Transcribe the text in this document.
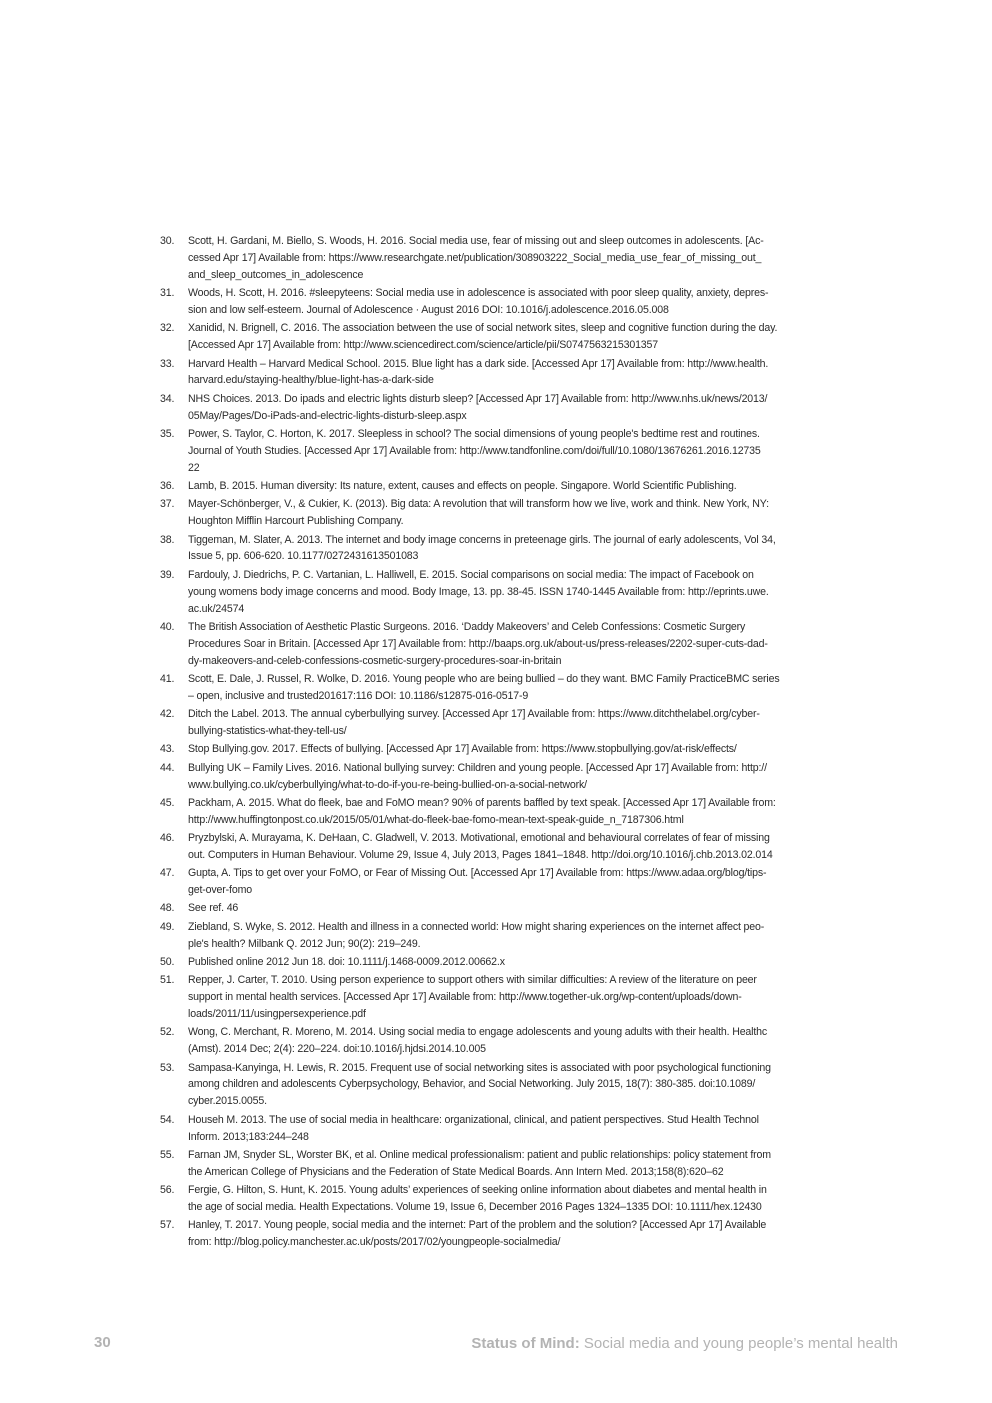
30.	Scott, H. Gardani, M. Biello, S. Woods, H. 2016. Social media use, fear of missing out and sleep outcomes in adolescents. [Ac-
cessed Apr 17] Available from: https://www.researchgate.net/publication/308903222_Social_media_use_fear_of_missing_out_
and_sleep_outcomes_in_adolescence
31.	Woods, H. Scott, H. 2016. #sleepyteens: Social media use in adolescence is associated with poor sleep quality, anxiety, depres-
sion and low self-esteem. Journal of Adolescence · August 2016 DOI: 10.1016/j.adolescence.2016.05.008
32.	Xanidid, N. Brignell, C. 2016. The association between the use of social network sites, sleep and cognitive function during the day.
[Accessed Apr 17] Available from: http://www.sciencedirect.com/science/article/pii/S0747563215301357
33.	Harvard Health – Harvard Medical School. 2015. Blue light has a dark side. [Accessed Apr 17] Available from: http://www.health.
harvard.edu/staying-healthy/blue-light-has-a-dark-side
34.	NHS Choices. 2013. Do ipads and electric lights disturb sleep? [Accessed Apr 17] Available from: http://www.nhs.uk/news/2013/
05May/Pages/Do-iPads-and-electric-lights-disturb-sleep.aspx
35.	Power, S. Taylor, C. Horton, K. 2017. Sleepless in school? The social dimensions of young people's bedtime rest and routines.
Journal of Youth Studies. [Accessed Apr 17] Available from: http://www.tandfonline.com/doi/full/10.1080/13676261.2016.12735
22
36.	Lamb, B. 2015. Human diversity: Its nature, extent, causes and effects on people. Singapore. World Scientific Publishing.
37.	Mayer-Schönberger, V., & Cukier, K. (2013). Big data: A revolution that will transform how we live, work and think. New York, NY:
Houghton Mifflin Harcourt Publishing Company.
38.	Tiggeman, M. Slater, A. 2013. The internet and body image concerns in preteenage girls. The journal of early adolescents, Vol 34,
Issue 5, pp. 606-620. 10.1177/0272431613501083
39.	Fardouly, J. Diedrichs, P. C. Vartanian, L. Halliwell, E. 2015. Social comparisons on social media: The impact of Facebook on
young womens body image concerns and mood. Body Image, 13. pp. 38-45. ISSN 1740-1445 Available from: http://eprints.uwe.
ac.uk/24574
40.	The British Association of Aesthetic Plastic Surgeons. 2016. ‘Daddy Makeovers’ and Celeb Confessions: Cosmetic Surgery
Procedures Soar in Britain. [Accessed Apr 17] Available from: http://baaps.org.uk/about-us/press-releases/2202-super-cuts-dad-
dy-makeovers-and-celeb-confessions-cosmetic-surgery-procedures-soar-in-britain
41.	Scott, E. Dale, J. Russel, R. Wolke, D. 2016. Young people who are being bullied – do they want. BMC Family PracticeBMC series
– open, inclusive and trusted201617:116 DOI: 10.1186/s12875-016-0517-9
42.	Ditch the Label. 2013. The annual cyberbullying survey. [Accessed Apr 17] Available from: https://www.ditchthelabel.org/cyber-
bullying-statistics-what-they-tell-us/
43.	Stop Bullying.gov. 2017. Effects of bullying. [Accessed Apr 17] Available from: https://www.stopbullying.gov/at-risk/effects/
44.	Bullying UK – Family Lives. 2016. National bullying survey: Children and young people. [Accessed Apr 17] Available from: http://
www.bullying.co.uk/cyberbullying/what-to-do-if-you-re-being-bullied-on-a-social-network/
45.	Packham, A. 2015. What do fleek, bae and FoMO mean? 90% of parents baffled by text speak. [Accessed Apr 17] Available from:
http://www.huffingtonpost.co.uk/2015/05/01/what-do-fleek-bae-fomo-mean-text-speak-guide_n_7187306.html
46.	Pryzbylski, A. Murayama, K. DeHaan, C. Gladwell, V. 2013. Motivational, emotional and behavioural correlates of fear of missing
out. Computers in Human Behaviour. Volume 29, Issue 4, July 2013, Pages 1841–1848. http://doi.org/10.1016/j.chb.2013.02.014
47.	Gupta, A. Tips to get over your FoMO, or Fear of Missing Out. [Accessed Apr 17] Available from: https://www.adaa.org/blog/tips-
get-over-fomo
48.	See ref. 46
49.	Ziebland, S. Wyke, S. 2012. Health and illness in a connected world: How might sharing experiences on the internet affect peo-
ple's health? Milbank Q. 2012 Jun; 90(2): 219–249.
50.	Published online 2012 Jun 18. doi: 10.1111/j.1468-0009.2012.00662.x
51.	Repper, J. Carter, T. 2010. Using person experience to support others with similar difficulties: A review of the literature on peer
support in mental health services. [Accessed Apr 17] Available from: http://www.together-uk.org/wp-content/uploads/down-
loads/2011/11/usingpersexperience.pdf
52.	Wong, C. Merchant, R. Moreno, M. 2014. Using social media to engage adolescents and young adults with their health. Healthc
(Amst). 2014 Dec; 2(4): 220–224. doi:10.1016/j.hjdsi.2014.10.005
53.	Sampasa-Kanyinga, H. Lewis, R. 2015. Frequent use of social networking sites is associated with poor psychological functioning
among children and adolescents Cyberpsychology, Behavior, and Social Networking. July 2015, 18(7): 380-385. doi:10.1089/
cyber.2015.0055.
54.	Househ M. 2013. The use of social media in healthcare: organizational, clinical, and patient perspectives. Stud Health Technol
Inform. 2013;183:244–248
55.	Farnan JM, Snyder SL, Worster BK, et al. Online medical professionalism: patient and public relationships: policy statement from
the American College of Physicians and the Federation of State Medical Boards. Ann Intern Med. 2013;158(8):620–62
56.	Fergie, G. Hilton, S. Hunt, K. 2015. Young adults’ experiences of seeking online information about diabetes and mental health in
the age of social media. Health Expectations. Volume 19, Issue 6, December 2016 Pages 1324–1335 DOI: 10.1111/hex.12430
57.	Hanley, T. 2017. Young people, social media and the internet: Part of the problem and the solution? [Accessed Apr 17] Available
from: http://blog.policy.manchester.ac.uk/posts/2017/02/youngpeople-socialmedia/
30	Status of Mind: Social media and young people’s mental health
